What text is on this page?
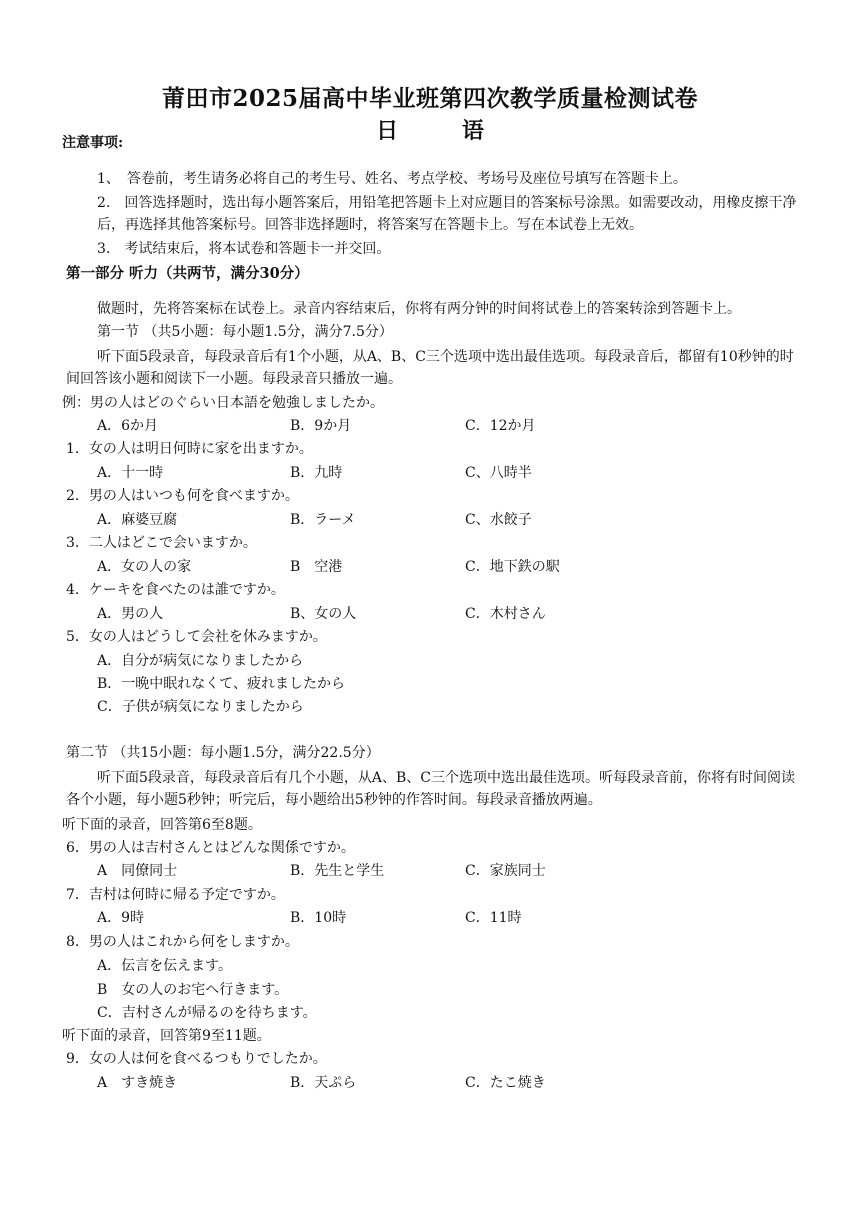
莆田市2025届高中毕业班第四次教学质量检测试卷
日 语
注意事项:
1、　答卷前，考生请务必将自己的考生号、姓名、考点学校、考场号及座位号填写在答题卡上。
2.　回答选择题时，选出每小题答案后，用铅笔把答题卡上对应题目的答案标号涂黑。如需要改动，用橡皮擦干净后，再选择其他答案标号。回答非选择题时，将答案写在答题卡上。写在本试卷上无效。
3.　考试结束后，将本试卷和答题卡一并交回。
第一部分 听力（共两节，满分30分）
做题时，先将答案标在试卷上。录音内容结束后，你将有两分钟的时间将试卷上的答案转涂到答题卡上。
第一节 （共5小题：每小题1.5分，满分7.5分）
听下面5段录音，每段录音后有1个小题，从A、B、C三个选项中选出最佳选项。每段录音后，都留有10秒钟的时间回答该小题和阅读下一小题。每段录音只播放一遍。
例：男の人はどのぐらい日本語を勉強しましたか。
A．6か月	B．9か月	C．12か月
1．女の人は明日何時に家を出ますか。
A．十一時	B．九時	C、八時半
2．男の人はいつも何を食べますか。
A．麻婆豆腐	B．ラーメ	C、水餃子
3．二人はどこで会いますか。
A．女の人の家	B　空港	C．地下鉄の駅
4．ケーキを食べたのは誰ですか。
A．男の人	B、女の人	C．木村さん
5．女の人はどうして会社を休みますか。
A．自分が病気になりましたから
B．一晩中眠れなくて、疲れましたから
C．子供が病気になりましたから
第二节 （共15小题：每小题1.5分，满分22.5分）
听下面5段录音，每段录音后有几个小题，从A、B、C三个选项中选出最佳选项。听每段录音前，你将有时间阅读各个小题，每小题5秒钟；听完后，每小题给出5秒钟的作答时间。每段录音播放两遍。
听下面的录音，回答第6至8题。
6．男の人は吉村さんとはどんな関係ですか。
A　同僚同士	B．先生と学生	C．家族同士
7．吉村は何時に帰る予定ですか。
A．9時	B．10時	C．11時
8．男の人はこれから何をしますか。
A．伝言を伝えます。
B　女の人のお宅へ行きます。
C．吉村さんが帰るのを待ちます。
听下面的录音，回答第9至11题。
9．女の人は何を食べるつもりでしたか。
A　すき焼き	B．天ぷら	C．たこ焼き
